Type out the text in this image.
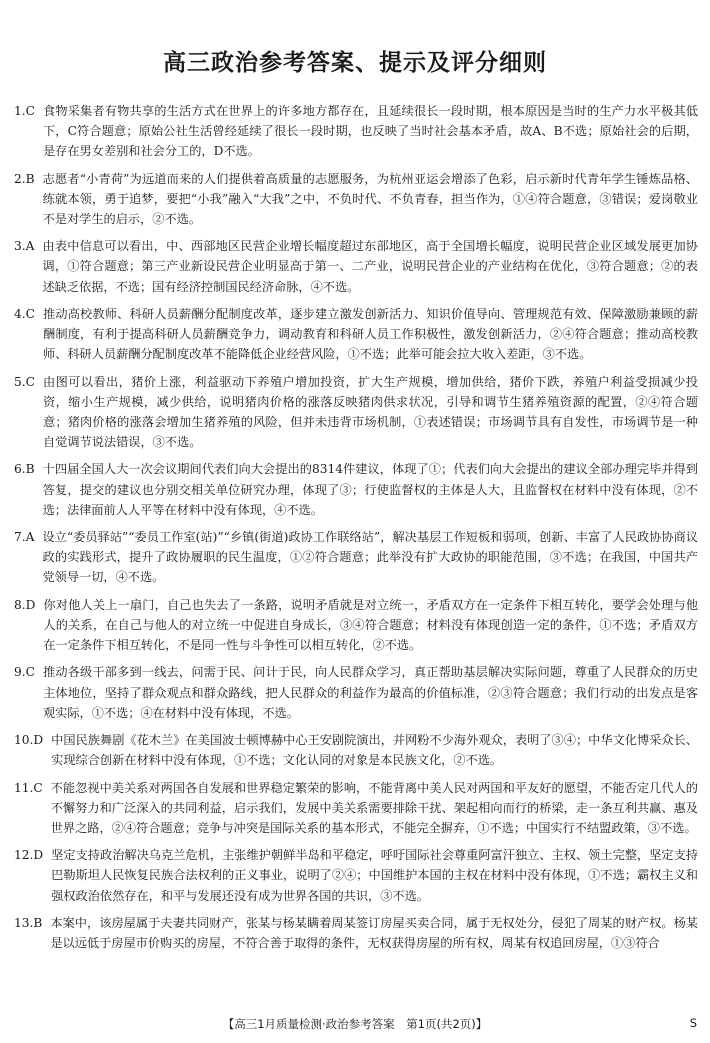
高三政治参考答案、提示及评分细则
1. C 食物采集者有物共享的生活方式在世界上的许多地方都存在，且延续很长一段时期，根本原因是当时的生产力水平极其低下，C符合题意；原始公社生活曾经延续了很长一段时期，也反映了当时社会基本矛盾，故A、B不选；原始社会的后期，是存在男女差别和社会分工的，D不选。
2. B 志愿者“小青荷”为远道而来的人们提供着高质量的志愿服务，为杭州亚运会增添了色彩，启示新时代青年学生锤炼品格、练就本领，勇于追梦，要把“小我”融入“大我”之中，不负时代、不负青春，担当作为，①④符合题意，③错误；爱岗敬业不是对学生的启示，②不选。
3. A 由表中信息可以看出，中、西部地区民营企业增长幅度超过东部地区，高于全国增长幅度，说明民营企业区域发展更加协调，①符合题意；第三产业新设民营企业明显高于第一、二产业，说明民营企业的产业结构在优化，③符合题意；②的表述缺乏依据，不选；国有经济控制国民经济命脉，④不选。
4. C 推动高校教师、科研人员薪酬分配制度改革，逐步建立激发创新活力、知识价值导向、管理规范有效、保障激励兼顾的薪酬制度，有利于提高科研人员薪酬竞争力，调动教育和科研人员工作积极性，激发创新活力，②④符合题意；推动高校教师、科研人员薪酬分配制度改革不能降低企业经营风险，①不选；此举可能会拉大收入差距，③不选。
5. C 由图可以看出，猪价上涨，利益驱动下养殖户增加投资，扩大生产规模，增加供给，猪价下跌，养殖户利益受损减少投资，缩小生产规模，减少供给，说明猪肉价格的涨落反映猪肉供求状况，引导和调节生猪养殖资源的配置，②④符合题意；猪肉价格的涨落会增加生猪养殖的风险，但并未违背市场机制，①表述错误；市场调节具有自发性，市场调节是一种自觉调节说法错误，③不选。
6. B 十四届全国人大一次会议期间代表们向大会提出的8314件建议，体现了①；代表们向大会提出的建议全部办理完毕并得到答复，提交的建议也分别交相关单位研究办理，体现了③；行使监督权的主体是人大，且监督权在材料中没有体现，②不选；法律面前人人平等在材料中没有体现，④不选。
7. A 设立“委员驿站”“委员工作室(站)”“乡镇(街道)政协工作联络站”，解决基层工作短板和弱项，创新、丰富了人民政协协商议政的实践形式，提升了政协履职的民生温度，①②符合题意；此举没有扩大政协的职能范围，③不选；在我国，中国共产党领导一切，④不选。
8. D 你对他人关上一扇门，自己也失去了一条路，说明矛盾就是对立统一，矛盾双方在一定条件下相互转化，要学会处理与他人的关系，在自己与他人的对立统一中促进自身成长，③④符合题意；材料没有体现创造一定的条件，①不选；矛盾双方在一定条件下相互转化，不是同一性与斗争性可以相互转化，②不选。
9. C 推动各级干部多到一线去，问需于民、问计于民，向人民群众学习，真正帮助基层解决实际问题，尊重了人民群众的历史主体地位，坚持了群众观点和群众路线，把人民群众的利益作为最高的价值标准，②③符合题意；我们行动的出发点是客观实际，①不选；④在材料中没有体现，不选。
10. D 中国民族舞剧《花木兰》在美国波士顿博赫中心王安剧院演出，并网粉不少海外观众，表明了③④；中华文化博采众长、实现综合创新在材料中没有体现，①不选；文化认同的对象是本民族文化，②不选。
11. C 不能忽视中美关系对两国各自发展和世界稳定繁荣的影响，不能背离中美人民对两国和平友好的愿望，不能否定几代人的不懈努力和广泛深入的共同利益，启示我们，发展中美关系需要排除干扰、架起相向而行的桥梁，走一条互利共赢、惠及世界之路，②④符合题意；竞争与冲突是国际关系的基本形式，不能完全摒弃，①不选；中国实行不结盟政策，③不选。
12. D 坚定支持政治解决乌克兰危机，主张维护朝鲜半岛和平稳定，呼吁国际社会尊重阿富汗独立、主权、领土完整，坚定支持巴勒斯坦人民恢复民族合法权利的正义事业，说明了②④；中国维护本国的主权在材料中没有体现，①不选；霸权主义和强权政治依然存在，和平与发展还没有成为世界各国的共识，③不选。
13. B 本案中，该房屋属于夫妻共同财产，张某与杨某瞒着周某签订房屋买卖合同，属于无权处分，侵犯了周某的财产权。杨某是以远低于房屋市价购买的房屋，不符合善于取得的条件，无权获得房屋的所有权，周某有权追回房屋，①③符合
【高三1月质量检测·政治参考答案　第1页(共2页)】	S
